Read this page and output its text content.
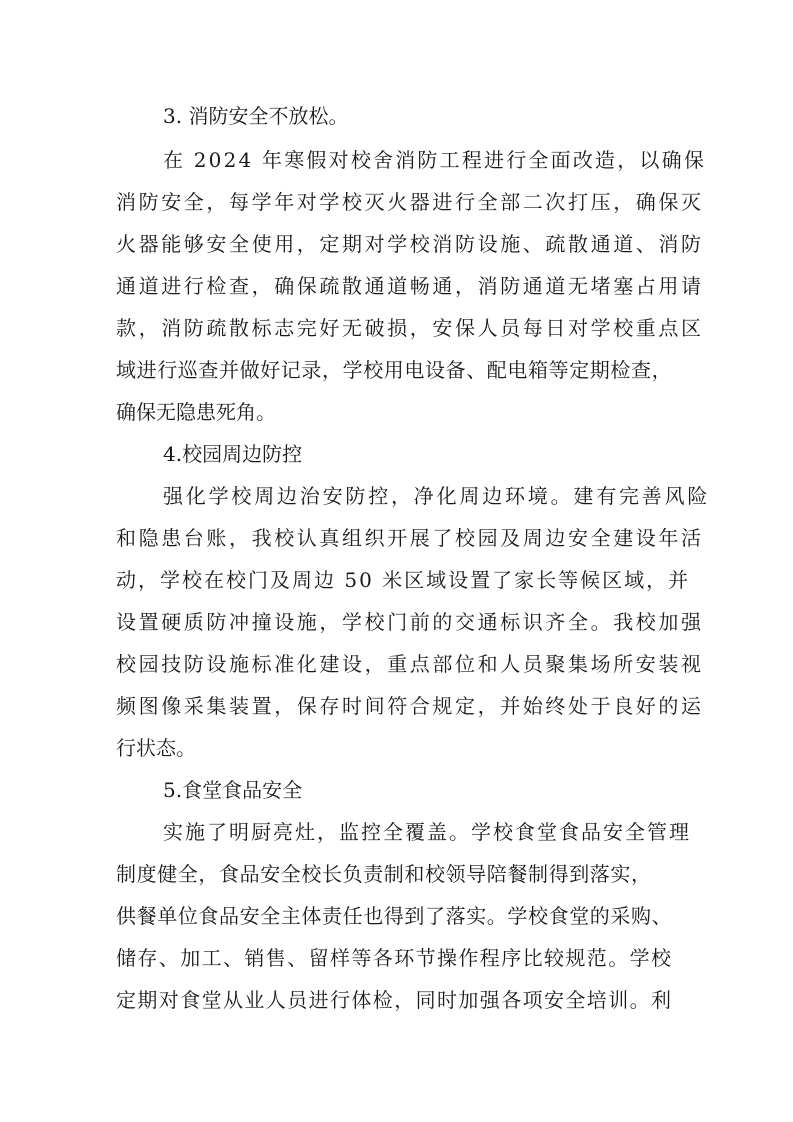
3. 消防安全不放松。
在 2024 年寒假对校舍消防工程进行全面改造，以确保
消防安全，每学年对学校灭火器进行全部二次打压，确保灭
火器能够安全使用，定期对学校消防设施、疏散通道、消防
通道进行检查，确保疏散通道畅通，消防通道无堵塞占用请
款，消防疏散标志完好无破损，安保人员每日对学校重点区
域进行巡查并做好记录，学校用电设备、配电箱等定期检查，
确保无隐患死角。
4.校园周边防控
强化学校周边治安防控，净化周边环境。建有完善风险
和隐患台账，我校认真组织开展了校园及周边安全建设年活
动，学校在校门及周边 50 米区域设置了家长等候区域，并
设置硬质防冲撞设施，学校门前的交通标识齐全。我校加强
校园技防设施标准化建设，重点部位和人员聚集场所安装视
频图像采集装置，保存时间符合规定，并始终处于良好的运
行状态。
5.食堂食品安全
实施了明厨亮灶，监控全覆盖。学校食堂食品安全管理
制度健全，食品安全校长负责制和校领导陪餐制得到落实，
供餐单位食品安全主体责任也得到了落实。学校食堂的采购、
储存、加工、销售、留样等各环节操作程序比较规范。学校
定期对食堂从业人员进行体检，同时加强各项安全培训。利
